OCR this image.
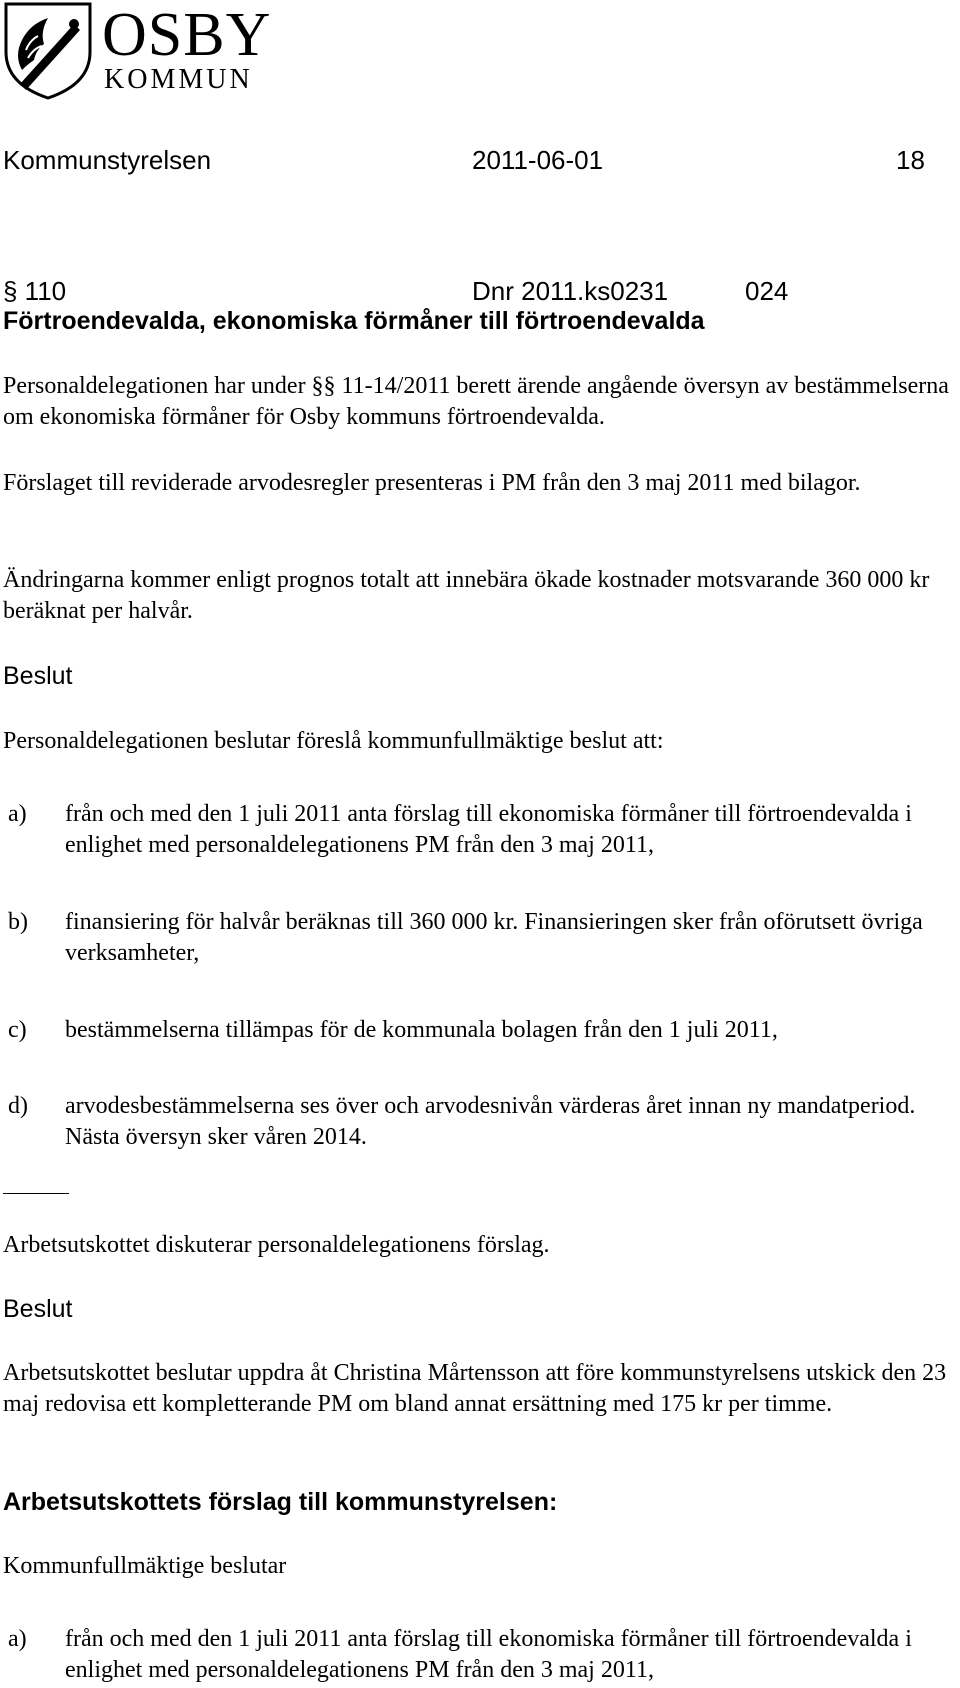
OSBY
KOMMUN
Kommunstyrelsen	2011-06-01	18
§ 110	Dnr 2011.ks0231	024
Förtroendevalda, ekonomiska förmåner till förtroendevalda

Personaldelegationen har under §§ 11-14/2011 berett ärende angående översyn av bestämmelserna om ekonomiska förmåner för Osby kommuns förtroendevalda.

Förslaget till reviderade arvodesregler presenteras i PM från den 3 maj 2011 med bilagor.

Ändringarna kommer enligt prognos totalt att innebära ökade kostnader motsvarande 360 000 kr beräknat per halvår.

Beslut

Personaldelegationen beslutar föreslå kommunfullmäktige beslut att:

a) från och med den 1 juli 2011 anta förslag till ekonomiska förmåner till förtroendevalda i enlighet med personaldelegationens PM från den 3 maj 2011,
b) finansiering för halvår beräknas till 360 000 kr. Finansieringen sker från oförutsett övriga verksamheter,
c) bestämmelserna tillämpas för de kommunala bolagen från den 1 juli 2011,
d) arvodesbestämmelserna ses över och arvodesnivån värderas året innan ny mandatperiod. Nästa översyn sker våren 2014.

Arbetsutskottet diskuterar personaldelegationens förslag.

Beslut

Arbetsutskottet beslutar uppdra åt Christina Mårtensson att före kommunstyrelsens utskick den 23 maj redovisa ett kompletterande PM om bland annat ersättning med 175 kr per timme.

Arbetsutskottets förslag till kommunstyrelsen:

Kommunfullmäktige beslutar

a) från och med den 1 juli 2011 anta förslag till ekonomiska förmåner till förtroendevalda i enlighet med personaldelegationens PM från den 3 maj 2011,
